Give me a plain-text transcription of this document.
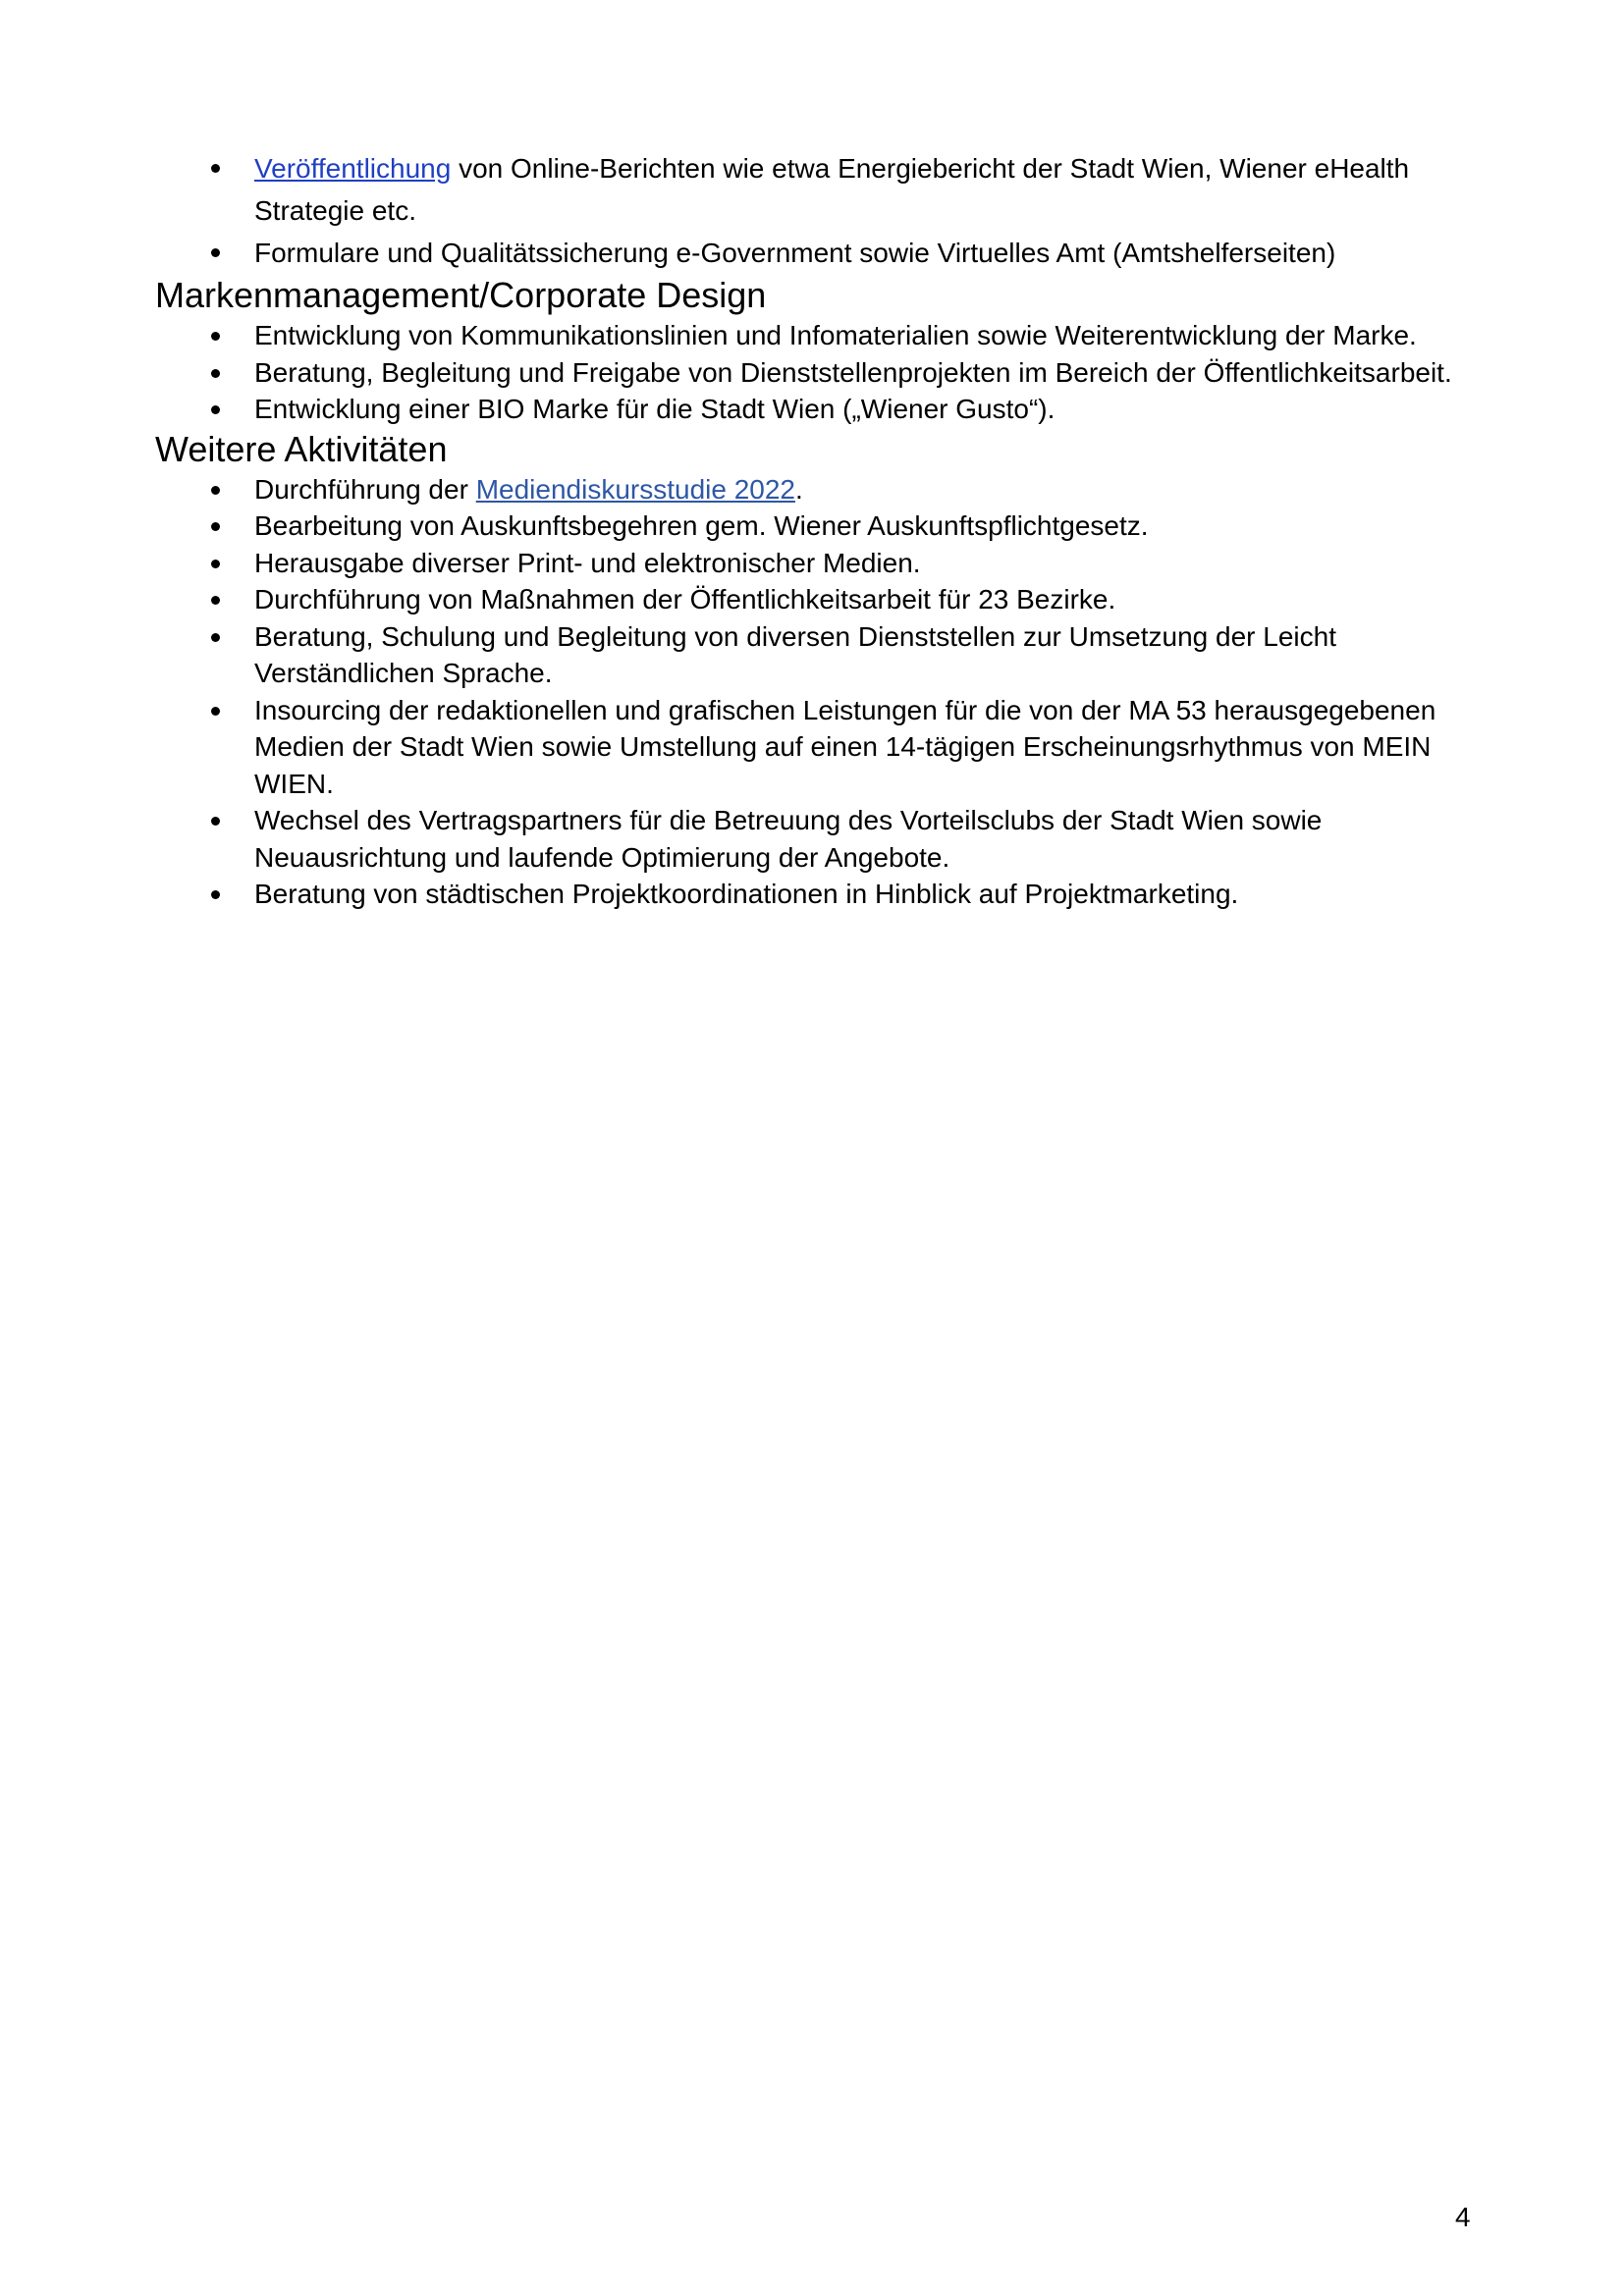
Veröffentlichung von Online-Berichten wie etwa Energiebericht der Stadt Wien, Wiener eHealth Strategie etc.
Formulare und Qualitätssicherung e-Government sowie Virtuelles Amt (Amtshelferseiten)
Markenmanagement/Corporate Design
Entwicklung von Kommunikationslinien und Infomaterialien sowie Weiterentwicklung der Marke.
Beratung, Begleitung und Freigabe von Dienststellenprojekten im Bereich der Öffentlichkeitsarbeit.
Entwicklung einer BIO Marke für die Stadt Wien („Wiener Gusto“).
Weitere Aktivitäten
Durchführung der Mediendiskursstudie 2022.
Bearbeitung von Auskunftsbegehren gem. Wiener Auskunftspflichtgesetz.
Herausgabe diverser Print- und elektronischer Medien.
Durchführung von Maßnahmen der Öffentlichkeitsarbeit für 23 Bezirke.
Beratung, Schulung und Begleitung von diversen Dienststellen zur Umsetzung der Leicht Verständlichen Sprache.
Insourcing der redaktionellen und grafischen Leistungen für die von der MA 53 herausgegebenen Medien der Stadt Wien sowie Umstellung auf einen 14-tägigen Erscheinungsrhythmus von MEIN WIEN.
Wechsel des Vertragspartners für die Betreuung des Vorteilsclubs der Stadt Wien sowie Neuausrichtung und laufende Optimierung der Angebote.
Beratung von städtischen Projektkoordinationen in Hinblick auf Projektmarketing.
4
